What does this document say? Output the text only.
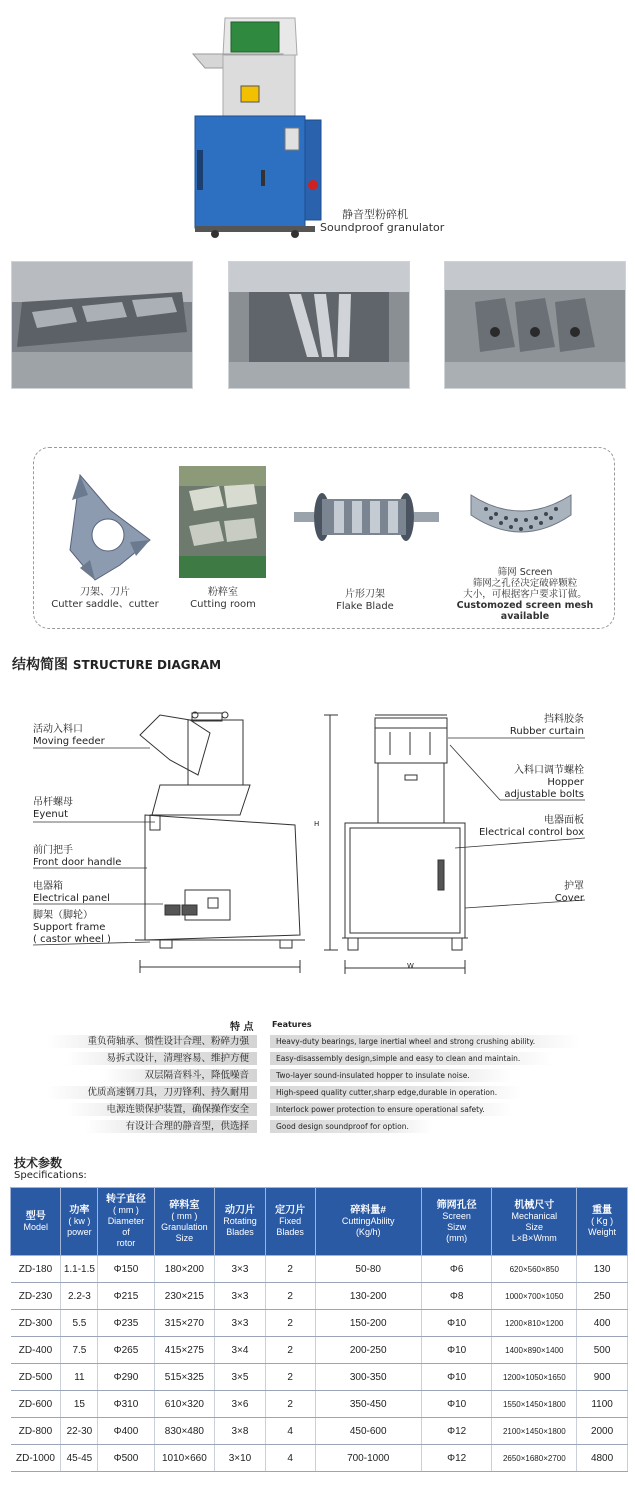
静音型粉碎机
Soundproof granulator
刀架、刀片
Cutter saddle、cutter
粉粹室
Cutting room
片形刀架
Flake Blade
筛网 Screen
筛网之孔径决定破碎颗粒
大小，可根据客户要求订做。
Customozed screen mesh available
结构简图 STRUCTURE DIAGRAM
H
W
活动入料口
Moving feeder
吊杆螺母
Eyenut
前门把手
Front door handle
电器箱
Electrical panel
脚架（脚轮）
Support frame
( castor wheel )
挡料胶条
Rubber curtain
入料口调节螺栓
Hopper
adjustable bolts
电器面板
Electrical control box
护罩
Cover
特 点 Features
重负荷轴承、惯性设计合理、粉碎力强	Heavy-duty bearings, large inertial wheel and strong crushing ability.
易拆式设计，清理容易、维护方便	Easy-disassembly design,simple and easy to clean and maintain.
双层隔音料斗，降低噪音	Two-layer sound-insulated hopper to insulate noise.
优质高速钢刀具，刀刃锋利、持久耐用	High-speed quality cutter,sharp edge,durable in operation.
电源连锁保护装置，确保操作安全	Interlock power protection to ensure operational safety.
有设计合理的静音型，供选择	Good design soundproof for option.
技术参数
Specifications:
型号
Model	功率
( kw )
power	转子直径
( mm )
Diameter
of
rotor	碎料室
( mm )
Granulation
Size	动刀片
Rotating
Blades	定刀片
Fixed
Blades	碎料量#
CuttingAbility
(Kg/h)	筛网孔径
Screen
Sizw
(mm)	机械尺寸
Mechanical
Size
L×B×Wmm	重量
( Kg )
Weight
ZD-180	1.1-1.5	Φ150	180×200	3×3	2	50-80	Φ6	620×560×850	130
ZD-230	2.2-3	Φ215	230×215	3×3	2	130-200	Φ8	1000×700×1050	250
ZD-300	5.5	Φ235	315×270	3×3	2	150-200	Φ10	1200×810×1200	400
ZD-400	7.5	Φ265	415×275	3×4	2	200-250	Φ10	1400×890×1400	500
ZD-500	11	Φ290	515×325	3×5	2	300-350	Φ10	1200×1050×1650	900
ZD-600	15	Φ310	610×320	3×6	2	350-450	Φ10	1550×1450×1800	1100
ZD-800	22-30	Φ400	830×480	3×8	4	450-600	Φ12	2100×1450×1800	2000
ZD-1000	45-45	Φ500	1010×660	3×10	4	700-1000	Φ12	2650×1680×2700	4800
